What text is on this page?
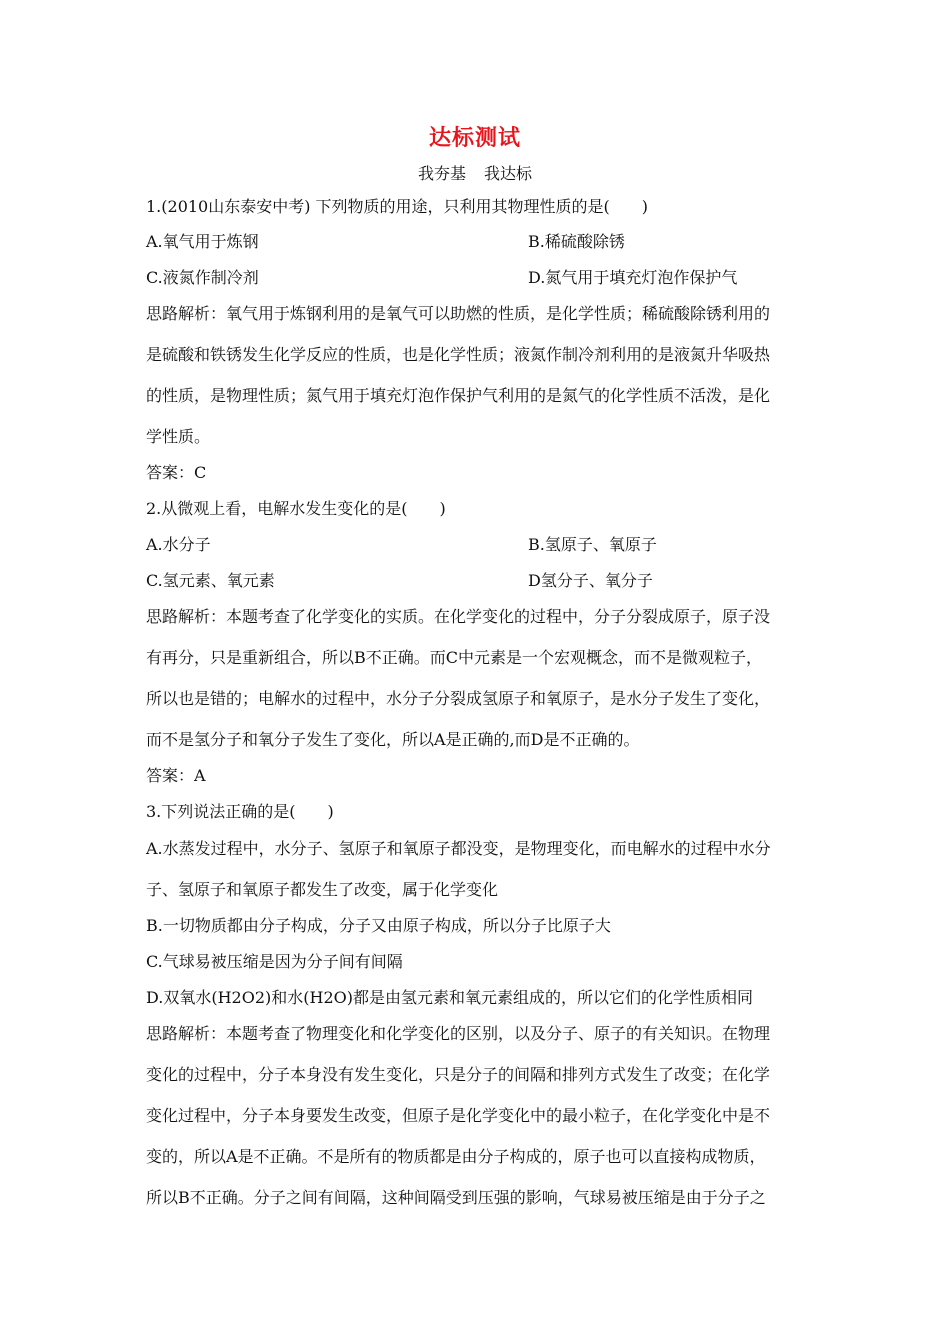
达标测试
我夯基 我达标
1.(2010山东泰安中考) 下列物质的用途，只利用其物理性质的是(　　)
A.氧气用于炼钢	B.稀硫酸除锈
C.液氮作制冷剂	D.氮气用于填充灯泡作保护气
思路解析：氧气用于炼钢利用的是氧气可以助燃的性质，是化学性质；稀硫酸除锈利用的
是硫酸和铁锈发生化学反应的性质，也是化学性质；液氮作制冷剂利用的是液氮升华吸热
的性质，是物理性质；氮气用于填充灯泡作保护气利用的是氮气的化学性质不活泼，是化
学性质。
答案：C
2.从微观上看，电解水发生变化的是(　　)
A.水分子	B.氢原子、氧原子
C.氢元素、氧元素	D氢分子、氧分子
思路解析：本题考查了化学变化的实质。在化学变化的过程中，分子分裂成原子，原子没
有再分，只是重新组合，所以B不正确。而C中元素是一个宏观概念，而不是微观粒子，
所以也是错的；电解水的过程中，水分子分裂成氢原子和氧原子，是水分子发生了变化，
而不是氢分子和氧分子发生了变化，所以A是正确的,而D是不正确的。
答案：A
3.下列说法正确的是(　　)
A.水蒸发过程中，水分子、氢原子和氧原子都没变，是物理变化，而电解水的过程中水分
子、氢原子和氧原子都发生了改变，属于化学变化
B.一切物质都由分子构成，分子又由原子构成，所以分子比原子大
C.气球易被压缩是因为分子间有间隔
D.双氧水(H2O2)和水(H2O)都是由氢元素和氧元素组成的，所以它们的化学性质相同
思路解析：本题考查了物理变化和化学变化的区别，以及分子、原子的有关知识。在物理
变化的过程中，分子本身没有发生变化，只是分子的间隔和排列方式发生了改变；在化学
变化过程中，分子本身要发生改变，但原子是化学变化中的最小粒子，在化学变化中是不
变的，所以A是不正确。不是所有的物质都是由分子构成的，原子也可以直接构成物质，
所以B不正确。分子之间有间隔，这种间隔受到压强的影响，气球易被压缩是由于分子之
